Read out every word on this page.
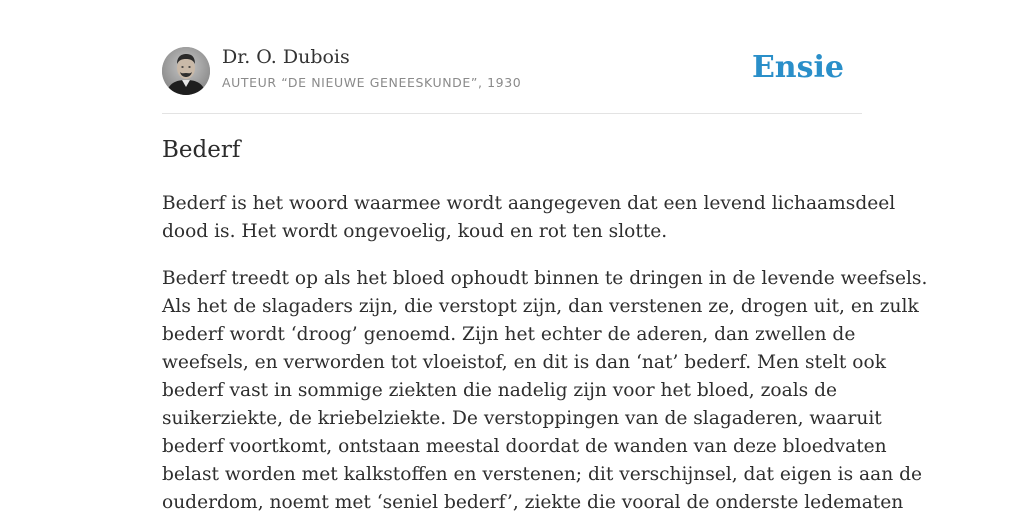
Dr. O. Dubois
AUTEUR “DE NIEUWE GENEESKUNDE”, 1930	Ensie
Bederf

Bederf is het woord waarmee wordt aangegeven dat een levend lichaamsdeel
dood is. Het wordt ongevoelig, koud en rot ten slotte.

Bederf treedt op als het bloed ophoudt binnen te dringen in de levende weefsels.
Als het de slagaders zijn, die verstopt zijn, dan verstenen ze, drogen uit, en zulk
bederf wordt ‘droog’ genoemd. Zijn het echter de aderen, dan zwellen de
weefsels, en verworden tot vloeistof, en dit is dan ‘nat’ bederf. Men stelt ook
bederf vast in sommige ziekten die nadelig zijn voor het bloed, zoals de
suikerziekte, de kriebelziekte. De verstoppingen van de slagaderen, waaruit
bederf voortkomt, ontstaan meestal doordat de wanden van deze bloedvaten
belast worden met kalkstoffen en verstenen; dit verschijnsel, dat eigen is aan de
ouderdom, noemt met ‘seniel bederf’, ziekte die vooral de onderste ledematen
